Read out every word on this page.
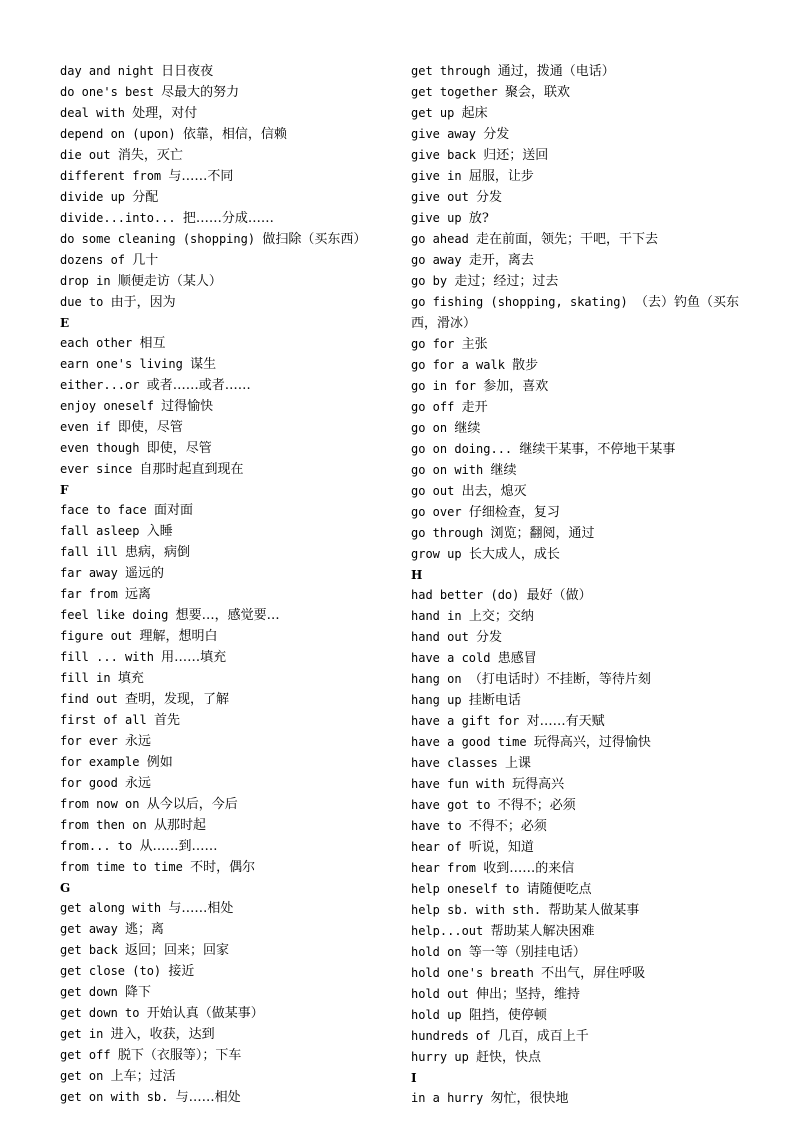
day and night 日日夜夜
do one's best 尽最大的努力
deal with 处理，对付
depend on (upon) 依靠，相信，信赖
die out 消失，灭亡
different from 与……不同
divide up 分配
divide...into... 把……分成……
do some cleaning (shopping) 做扫除（买东西）
dozens of 几十
drop in 顺便走访（某人）
due to 由于，因为
E
each other 相互
earn one's living 谋生
either...or 或者……或者……
enjoy oneself 过得愉快
even if 即使，尽管
even though 即使，尽管
ever since 自那时起直到现在
F
face to face 面对面
fall asleep 入睡
fall ill 患病，病倒
far away 遥远的
far from 远离
feel like doing 想要…，感觉要…
figure out 理解，想明白
fill ... with 用……填充
fill in 填充
find out 查明，发现，了解
first of all 首先
for ever 永远
for example 例如
for good 永远
from now on 从今以后，今后
from then on 从那时起
from... to 从……到……
from time to time 不时，偶尔
G
get along with 与……相处
get away 逃；离
get back 返回；回来；回家
get close (to) 接近
get down 降下
get down to 开始认真（做某事）
get in 进入，收获，达到
get off 脱下（衣服等）；下车
get on 上车；过活
get on with sb. 与……相处
get through 通过，拨通（电话）
get together 聚会，联欢
get up 起床
give away 分发
give back 归还；送回
give in 屈服，让步
give out 分发
give up 放?
go ahead 走在前面，领先；干吧，干下去
go away 走开，离去
go by 走过；经过；过去
go fishing (shopping, skating) （去）钓鱼（买东西，滑冰）
go for 主张
go for a walk 散步
go in for 参加，喜欢
go off 走开
go on 继续
go on doing... 继续干某事，不停地干某事
go on with 继续
go out 出去，熄灭
go over 仔细检查，复习
go through 浏览；翻阅，通过
grow up 长大成人，成长
H
had better (do) 最好（做）
hand in 上交；交纳
hand out 分发
have a cold 患感冒
hang on （打电话时）不挂断，等待片刻
hang up 挂断电话
have a gift for 对……有天赋
have a good time 玩得高兴，过得愉快
have classes 上课
have fun with 玩得高兴
have got to 不得不；必须
have to 不得不；必须
hear of 听说，知道
hear from 收到……的来信
help oneself to 请随便吃点
help sb. with sth. 帮助某人做某事
help...out 帮助某人解决困难
hold on 等一等（别挂电话）
hold one's breath 不出气，屏住呼吸
hold out 伸出；坚持，维持
hold up 阻挡，使停顿
hundreds of 几百，成百上千
hurry up 赶快，快点
I
in a hurry 匆忙，很快地
